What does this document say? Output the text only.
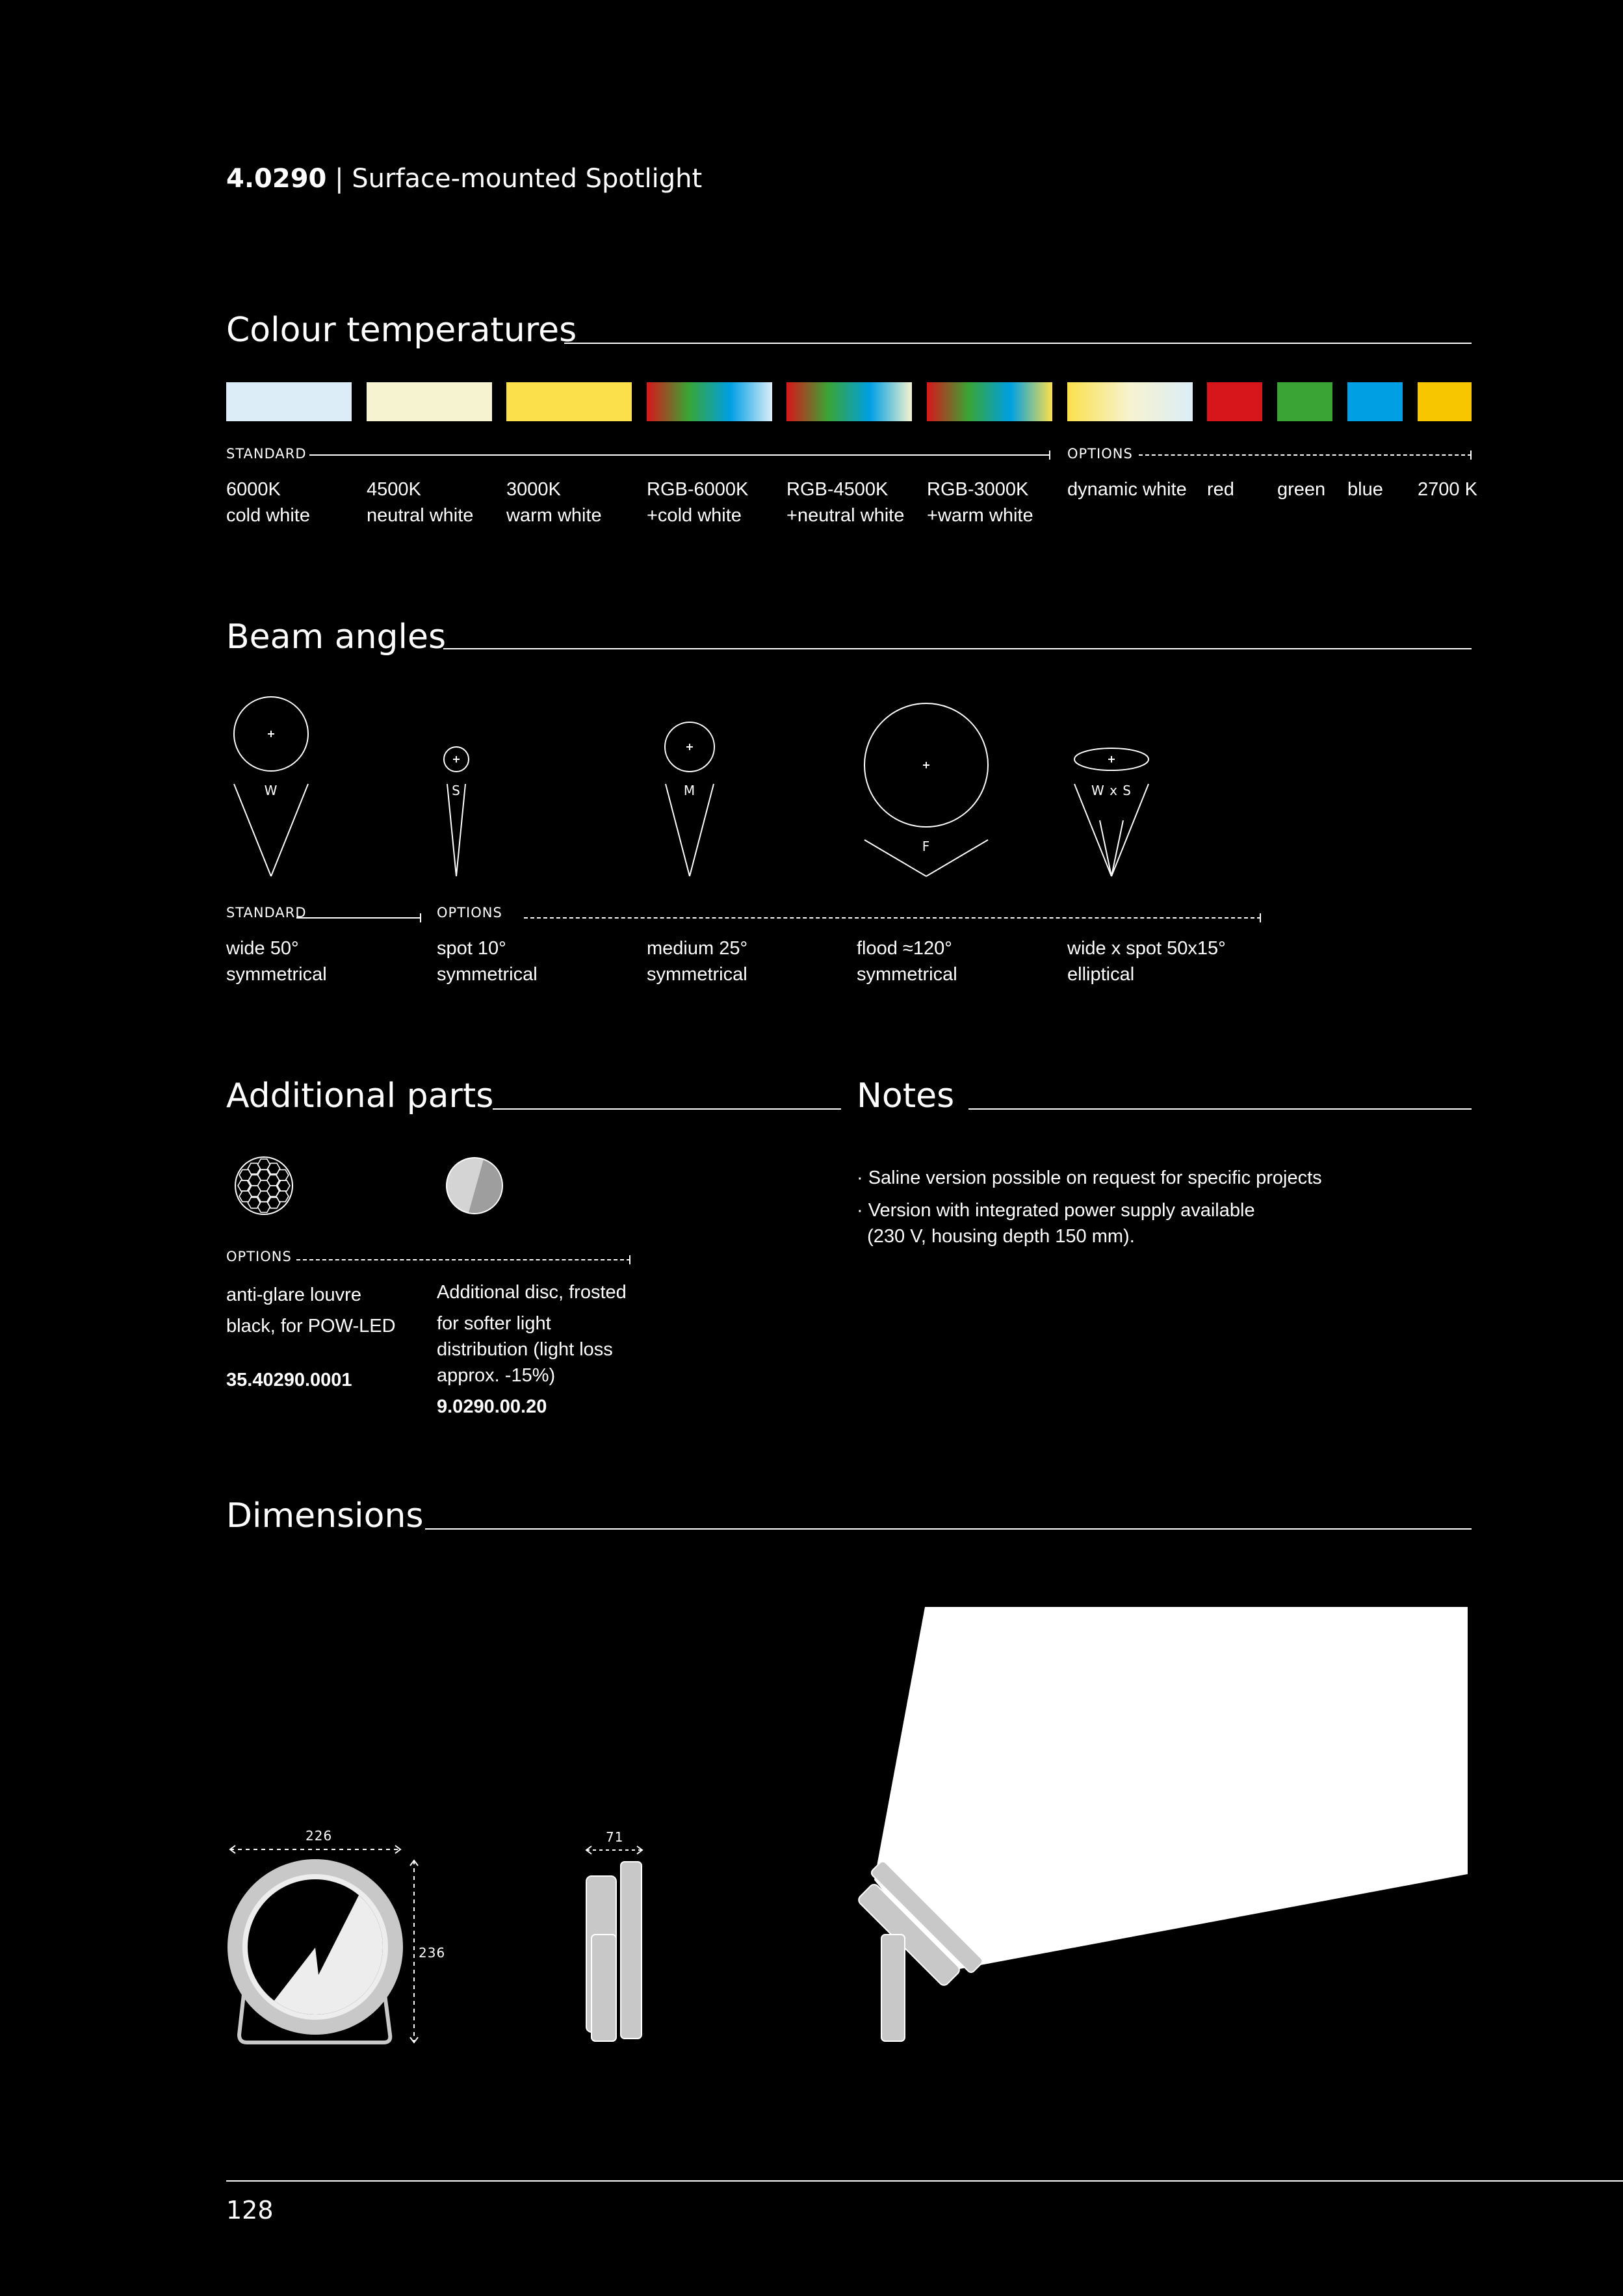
4.0290 | Surface-mounted Spotlight
Colour temperatures
STANDARD	OPTIONS
6000K
cold white
4500K
neutral white
3000K
warm white
RGB-6000K
+cold white
RGB-4500K
+neutral white
RGB-3000K
+warm white
dynamic white red green blue 2700 K
Beam angles
W	S	M
F
W x S
STANDARD	OPTIONS
wide 50°
symmetrical
spot 10°
symmetrical
medium 25°
symmetrical
flood ≈120°
symmetrical
wide x spot 50x15°
elliptical
Additional parts
OPTIONS
anti-glare louvre
black, for POW-LED
35.40290.0001
Additional disc, frosted
for softer light
distribution (light loss
approx. -15%)
9.0290.00.20
Notes
· Saline version possible on request for specific projects
· Version with integrated power supply available
(230 V, housing depth 150 mm).
Dimensions
226
236
71
128
